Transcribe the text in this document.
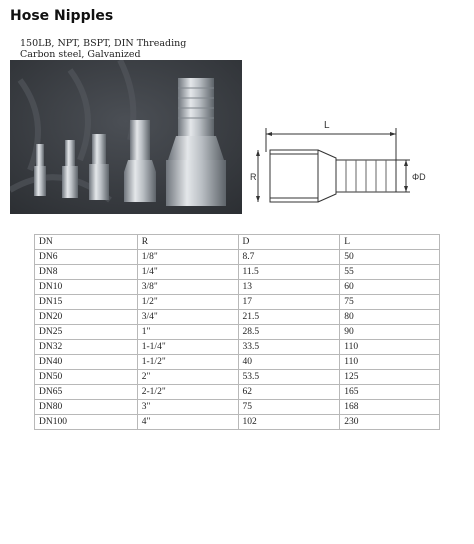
Hose Nipples
150LB, NPT, BSPT, DIN Threading
Carbon steel, Galvanized
L
R	ΦD
DN	R	D	L
DN6	1/8"	8.7	50
DN8	1/4"	11.5	55
DN10	3/8"	13	60
DN15	1/2"	17	75
DN20	3/4"	21.5	80
DN25	1"	28.5	90
DN32	1-1/4"	33.5	110
DN40	1-1/2"	40	110
DN50	2"	53.5	125
DN65	2-1/2"	62	165
DN80	3"	75	168
DN100	4"	102	230
